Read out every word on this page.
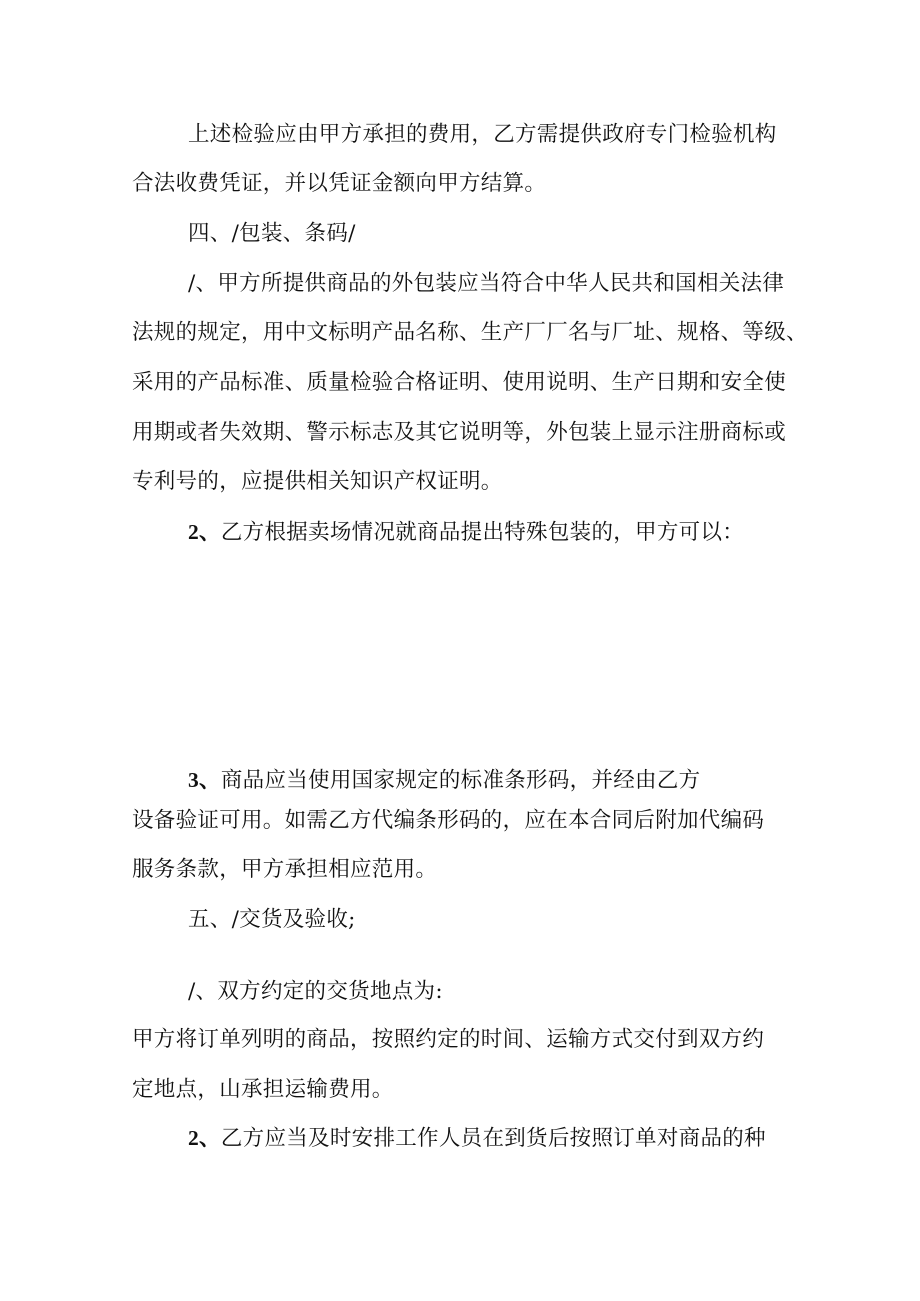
上述检验应由甲方承担的费用，乙方需提供政府专门检验机构

合法收费凭证，并以凭证金额向甲方结算。

四、/包装、条码/

/、甲方所提供商品的外包装应当符合中华人民共和国相关法律

法规的规定，用中文标明产品名称、生产厂厂名与厂址、规格、等级、

采用的产品标准、质量检验合格证明、使用说明、生产日期和安全使

用期或者失效期、警示标志及其它说明等，外包装上显示注册商标或

专利号的，应提供相关知识产权证明。

2、乙方根据卖场情况就商品提出特殊包装的，甲方可以：

3、商品应当使用国家规定的标准条形码，并经由乙方

设备验证可用。如需乙方代编条形码的，应在本合同后附加代编码

服务条款，甲方承担相应范用。

五、/交货及验收;

/、双方约定的交货地点为:

甲方将订单列明的商品，按照约定的时间、运输方式交付到双方约

定地点，山承担运输费用。

2、乙方应当及时安排工作人员在到货后按照订单对商品的种
